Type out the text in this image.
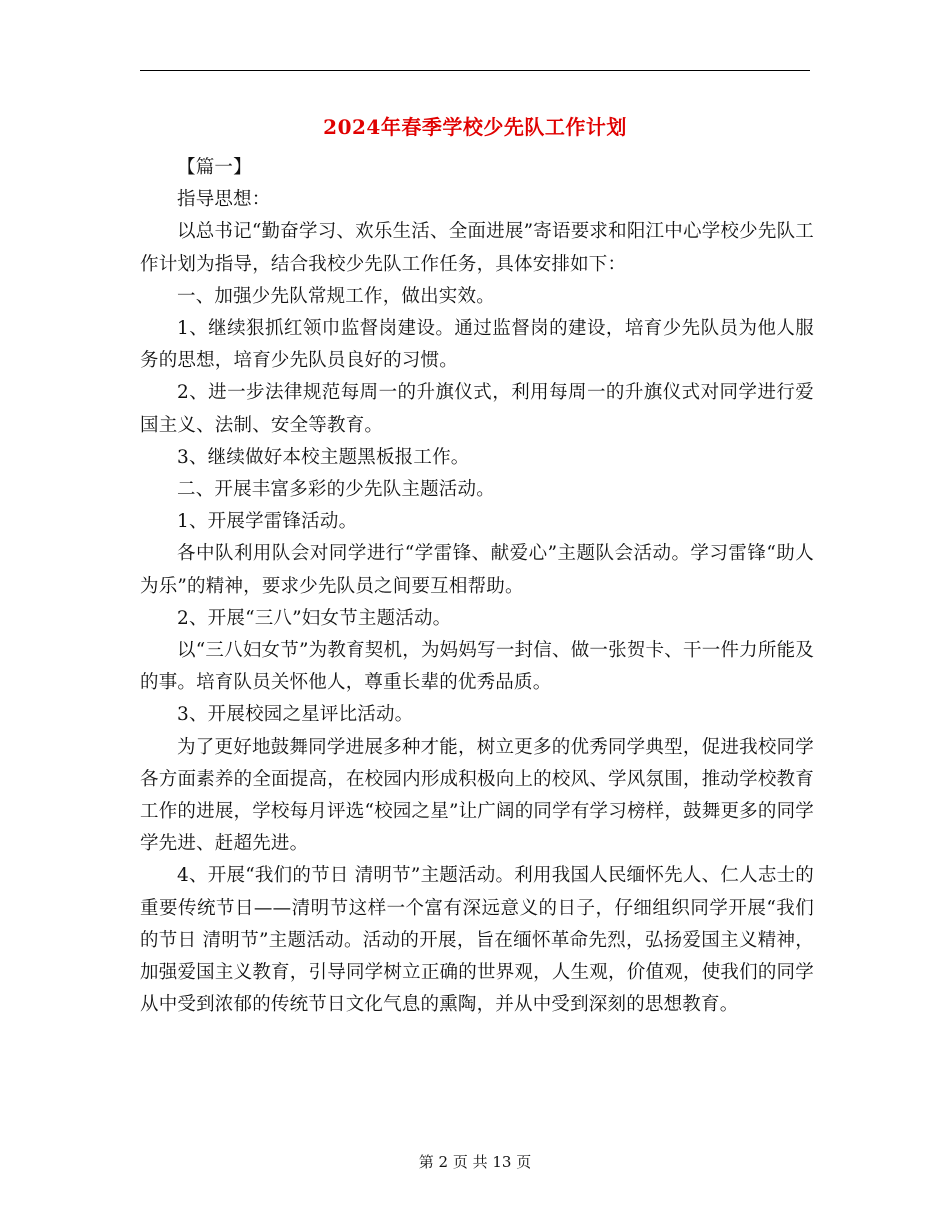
2024年春季学校少先队工作计划

【篇一】

指导思想：

以总书记“勤奋学习、欢乐生活、全面进展”寄语要求和阳江中心学校少先队工作计划为指导，结合我校少先队工作任务，具体安排如下：

一、加强少先队常规工作，做出实效。

1、继续狠抓红领巾监督岗建设。通过监督岗的建设，培育少先队员为他人服务的思想，培育少先队员良好的习惯。

2、进一步法律规范每周一的升旗仪式，利用每周一的升旗仪式对同学进行爱国主义、法制、安全等教育。

3、继续做好本校主题黑板报工作。

二、开展丰富多彩的少先队主题活动。

1、开展学雷锋活动。

各中队利用队会对同学进行“学雷锋、献爱心”主题队会活动。学习雷锋“助人为乐”的精神，要求少先队员之间要互相帮助。

2、开展“三八”妇女节主题活动。

以“三八妇女节”为教育契机，为妈妈写一封信、做一张贺卡、干一件力所能及的事。培育队员关怀他人，尊重长辈的优秀品质。

3、开展校园之星评比活动。

为了更好地鼓舞同学进展多种才能，树立更多的优秀同学典型，促进我校同学各方面素养的全面提高，在校园内形成积极向上的校风、学风氛围，推动学校教育工作的进展，学校每月评选“校园之星”让广阔的同学有学习榜样，鼓舞更多的同学学先进、赶超先进。

4、开展“我们的节日 清明节”主题活动。利用我国人民缅怀先人、仁人志士的重要传统节日——清明节这样一个富有深远意义的日子，仔细组织同学开展“我们的节日 清明节”主题活动。活动的开展，旨在缅怀革命先烈，弘扬爱国主义精神，加强爱国主义教育，引导同学树立正确的世界观，人生观，价值观，使我们的同学从中受到浓郁的传统节日文化气息的熏陶，并从中受到深刻的思想教育。

第 2 页 共 13 页
